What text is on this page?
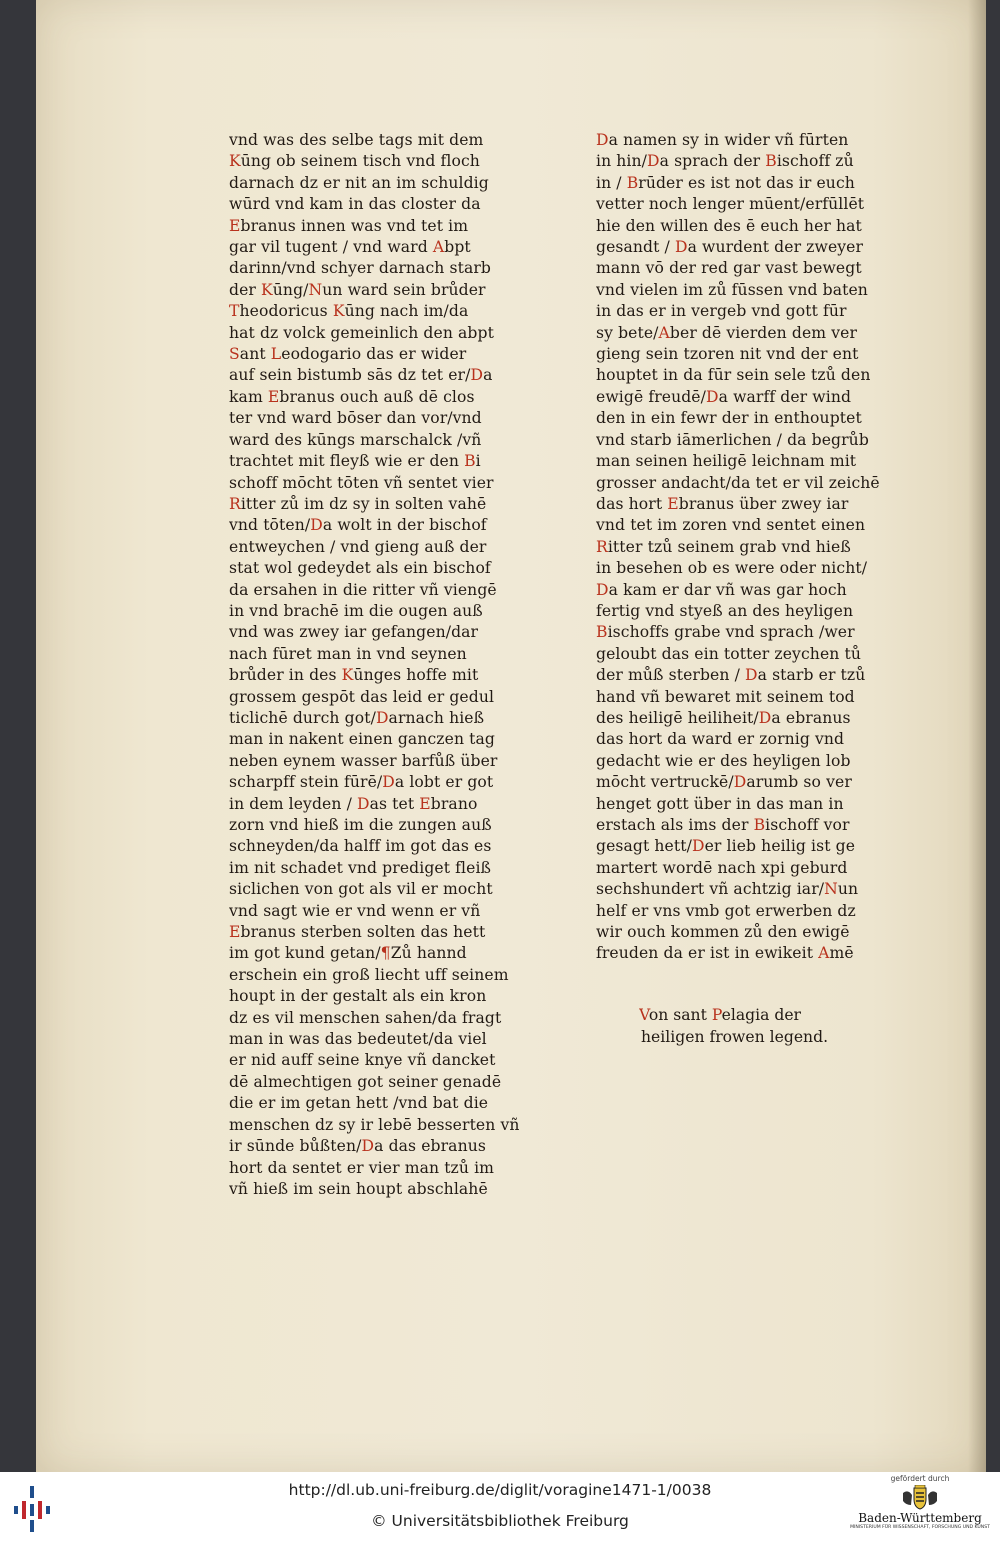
vnd was des selbe tags mit dem
Kūng ob seinem tisch vnd floch
darnach dz er nit an im schuldig
wūrd vnd kam in das closter da
Ebranus innen was vnd tet im
gar vil tugent / vnd ward Abpt
darinn/vnd schyer darnach starb
der Kūng/Nun ward sein brůder
Theodoricus Kūng nach im/da
hat dz volck gemeinlich den abpt
Sant Leodogario das er wider
auf sein bistumb sās dz tet er/Da
kam Ebranus ouch auß dē clos
ter vnd ward bōser dan vor/vnd
ward des kūngs marschalck /vñ
trachtet mit fleyß wie er den Bi
schoff mōcht tōten vñ sentet vier
Ritter zů im dz sy in solten vahē
vnd tōten/Da wolt in der bischof
entweychen / vnd gieng auß der
stat wol gedeydet als ein bischof
da ersahen in die ritter vñ viengē
in vnd brachē im die ougen auß
vnd was zwey iar gefangen/dar
nach fūret man in vnd seynen
brůder in des Kūnges hoffe mit
grossem gespōt das leid er gedul
ticlichē durch got/Darnach hieß
man in nakent einen ganczen tag
neben eynem wasser barfůß über
scharpff stein fūrē/Da lobt er got
in dem leyden / Das tet Ebrano
zorn vnd hieß im die zungen auß
schneyden/da halff im got das es
im nit schadet vnd prediget fleiß
siclichen von got als vil er mocht
vnd sagt wie er vnd wenn er vñ
Ebranus sterben solten das hett
im got kund getan/¶Zů hannd
erschein ein groß liecht uff seinem
houpt in der gestalt als ein kron
dz es vil menschen sahen/da fragt
man in was das bedeutet/da viel
er nid auff seine knye vñ dancket
dē almechtigen got seiner genadē
die er im getan hett /vnd bat die
menschen dz sy ir lebē besserten vñ
ir sūnde bůßten/Da das ebranus
hort da sentet er vier man tzů im
vñ hieß im sein houpt abschlahē
Da namen sy in wider vñ fūrten
in hin/Da sprach der Bischoff zů
in / Brūder es ist not das ir euch
vetter noch lenger mūent/erfūllēt
hie den willen des ē euch her hat
gesandt / Da wurdent der zweyer
mann vō der red gar vast bewegt
vnd vielen im zů fūssen vnd baten
in das er in vergeb vnd gott fūr
sy bete/Aber dē vierden dem ver
gieng sein tzoren nit vnd der ent
houptet in da fūr sein sele tzů den
ewigē freudē/Da warff der wind
den in ein fewr der in enthouptet
vnd starb iāmerlichen / da begrůb
man seinen heiligē leichnam mit
grosser andacht/da tet er vil zeichē
das hort Ebranus über zwey iar
vnd tet im zoren vnd sentet einen
Ritter tzů seinem grab vnd hieß
in besehen ob es were oder nicht/
Da kam er dar vñ was gar hoch
fertig vnd styeß an des heyligen
Bischoffs grabe vnd sprach /wer
geloubt das ein totter zeychen tů
der můß sterben / Da starb er tzů
hand vñ bewaret mit seinem tod
des heiligē heiliheit/Da ebranus
das hort da ward er zornig vnd
gedacht wie er des heyligen lob
mōcht vertruckē/Darumb so ver
henget gott über in das man in
erstach als ims der Bischoff vor
gesagt hett/Der lieb heilig ist ge
martert wordē nach xpi geburd
sechshundert vñ achtzig iar/Nun
helf er vns vmb got erwerben dz
wir ouch kommen zů den ewigē
freuden da er ist in ewikeit Amē
Von sant Pelagia der
heiligen frowen legend.
http://dl.ub.uni-freiburg.de/diglit/voragine1471-1/0038
© Universitätsbibliothek Freiburg
gefördert durch
Baden-Württemberg
MINISTERIUM FÜR WISSENSCHAFT, FORSCHUNG UND KUNST
